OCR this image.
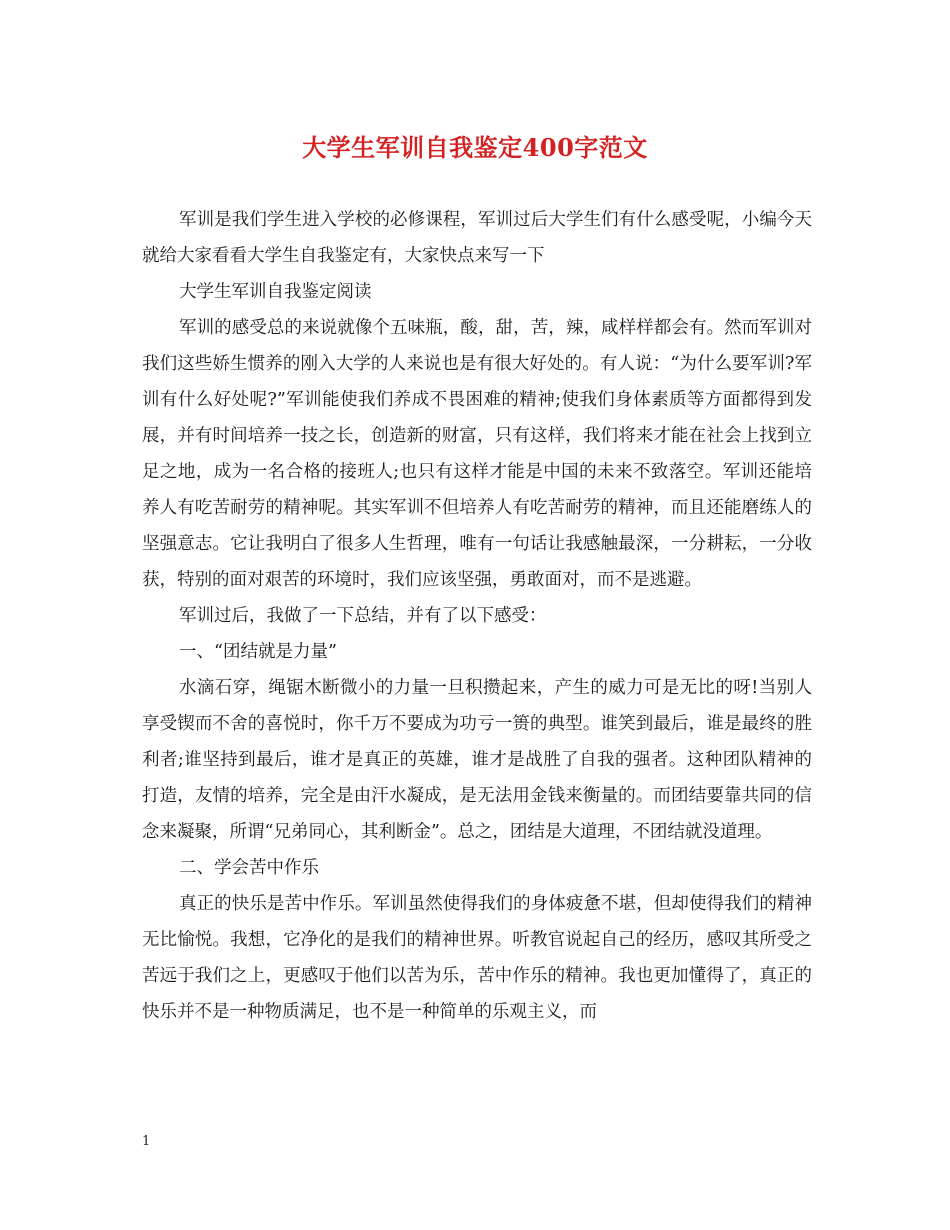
大学生军训自我鉴定400字范文

军训是我们学生进入学校的必修课程，军训过后大学生们有什么感受呢，小编今天就给大家看看大学生自我鉴定有，大家快点来写一下

大学生军训自我鉴定阅读

军训的感受总的来说就像个五味瓶，酸，甜，苦，辣，咸样样都会有。然而军训对我们这些娇生惯养的刚入大学的人来说也是有很大好处的。有人说：“为什么要军训?军训有什么好处呢?”军训能使我们养成不畏困难的精神;使我们身体素质等方面都得到发展，并有时间培养一技之长，创造新的财富，只有这样，我们将来才能在社会上找到立足之地，成为一名合格的接班人;也只有这样才能是中国的未来不致落空。军训还能培养人有吃苦耐劳的精神呢。其实军训不但培养人有吃苦耐劳的精神，而且还能磨练人的坚强意志。它让我明白了很多人生哲理，唯有一句话让我感触最深，一分耕耘，一分收获，特别的面对艰苦的环境时，我们应该坚强，勇敢面对，而不是逃避。

军训过后，我做了一下总结，并有了以下感受：

一、“团结就是力量”

水滴石穿，绳锯木断微小的力量一旦积攒起来，产生的威力可是无比的呀!当别人享受锲而不舍的喜悦时，你千万不要成为功亏一篑的典型。谁笑到最后，谁是最终的胜利者;谁坚持到最后，谁才是真正的英雄，谁才是战胜了自我的强者。这种团队精神的打造，友情的培养，完全是由汗水凝成，是无法用金钱来衡量的。而团结要靠共同的信念来凝聚，所谓“兄弟同心，其利断金”。总之，团结是大道理，不团结就没道理。

二、学会苦中作乐

真正的快乐是苦中作乐。军训虽然使得我们的身体疲惫不堪，但却使得我们的精神无比愉悦。我想，它净化的是我们的精神世界。听教官说起自己的经历，感叹其所受之苦远于我们之上，更感叹于他们以苦为乐，苦中作乐的精神。我也更加懂得了，真正的快乐并不是一种物质满足，也不是一种简单的乐观主义，而

1
